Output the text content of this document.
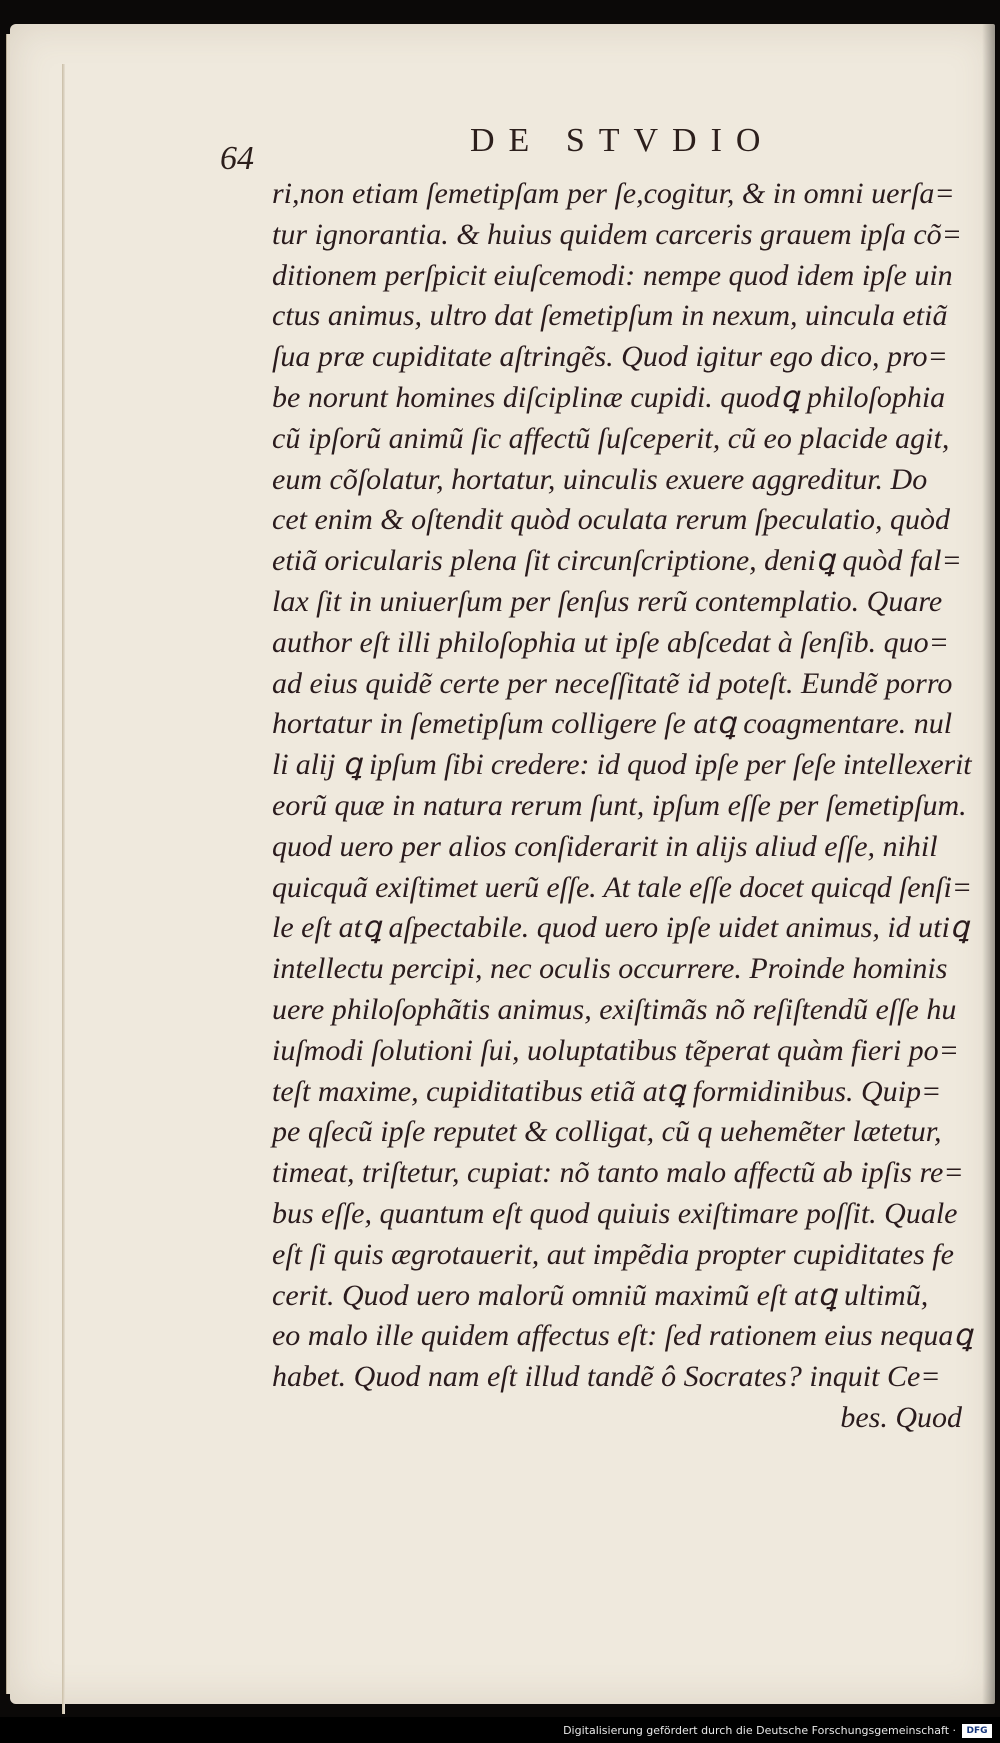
64	DE STVDIO
ri,non etiam ſemetipſam per ſe,cogitur, & in omni uerſa=
tur ignorantia. & huius quidem carceris grauem ipſa cõ=
ditionem perſpicit eiuſcemodi: nempe quod idem ipſe uin
ctus animus, ultro dat ſemetipſum in nexum, uincula etiã
ſua præ cupiditate aſtringẽs. Quod igitur ego dico, pro=
be norunt homines diſciplinæ cupidi. quodꝗ philoſophia
cũ ipſorũ animũ ſic affectũ ſuſceperit, cũ eo placide agit,
eum cõſolatur, hortatur, uinculis exuere aggreditur. Do
cet enim & oſtendit quòd oculata rerum ſpeculatio, quòd
etiã oricularis plena ſit circunſcriptione, deniꝗ quòd fal=
lax ſit in uniuerſum per ſenſus rerũ contemplatio. Quare
author eſt illi philoſophia ut ipſe abſcedat à ſenſib. quo=
ad eius quidẽ certe per neceſſitatẽ id poteſt. Eundẽ porro
hortatur in ſemetipſum colligere ſe atꝗ coagmentare. nul
li alij ꝗ ipſum ſibi credere: id quod ipſe per ſeſe intellexerit
eorũ quæ in natura rerum ſunt, ipſum eſſe per ſemetipſum.
quod uero per alios conſiderarit in alijs aliud eſſe, nihil
quicquã exiſtimet uerũ eſſe. At tale eſſe docet quicqd ſenſi=
le eſt atꝗ aſpectabile. quod uero ipſe uidet animus, id utiꝗ
intellectu percipi, nec oculis occurrere. Proinde hominis
uere philoſophãtis animus, exiſtimãs nõ reſiſtendũ eſſe hu
iuſmodi ſolutioni ſui, uoluptatibus tẽperat quàm fieri po=
teſt maxime, cupiditatibus etiã atꝗ formidinibus. Quip=
pe qſecũ ipſe reputet & colligat, cũ q uehemẽter lætetur,
timeat, triſtetur, cupiat: nõ tanto malo affectũ ab ipſis re=
bus eſſe, quantum eſt quod quiuis exiſtimare poſſit. Quale
eſt ſi quis ægrotauerit, aut impẽdia propter cupiditates fe
cerit. Quod uero malorũ omniũ maximũ eſt atꝗ ultimũ,
eo malo ille quidem affectus eſt: ſed rationem eius nequaꝗ
habet. Quod nam eſt illud tandẽ ô Socrates? inquit Ce=
bes. Quod
Digitalisierung gefördert durch die Deutsche Forschungsgemeinschaft ·	DFG
